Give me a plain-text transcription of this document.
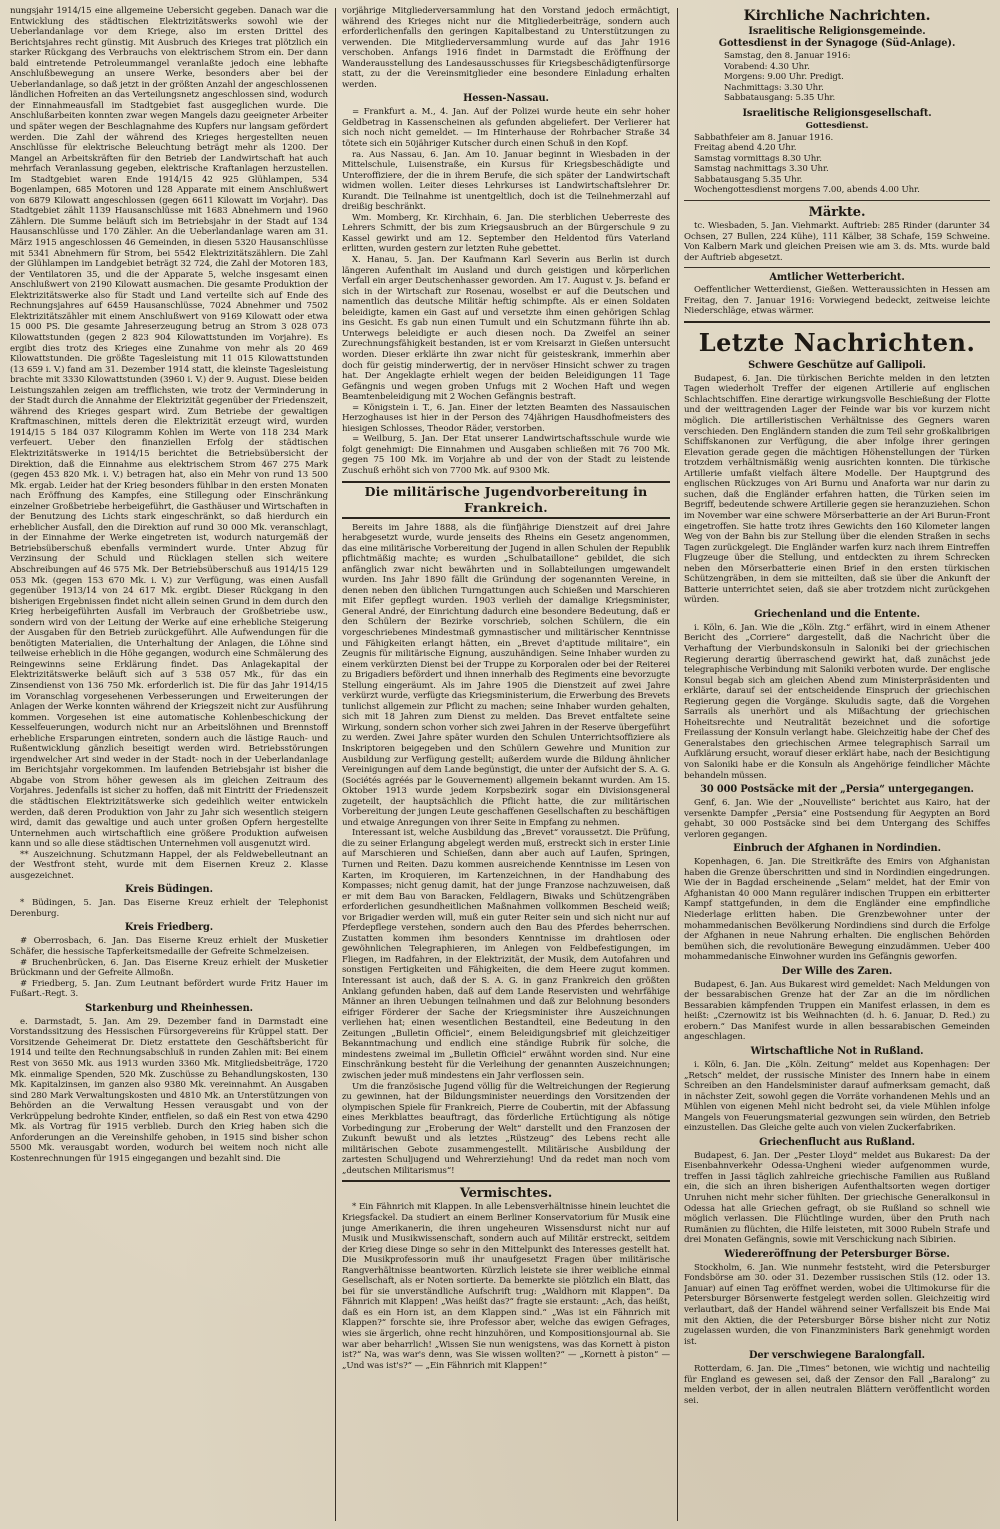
nungsjahr 1914/15 eine allgemeine Uebersicht gegeben. Danach war die Entwicklung des städtischen Elektrizitätswerks sowohl wie der Ueberlandanlage vor dem Kriege, also im ersten Drittel des Berichtsjahres recht günstig. Mit Ausbruch des Krieges trat plötzlich ein starker Rückgang des Verbrauchs von elektrischem Strom ein. Der dann bald eintretende Petroleummangel veranlaßte jedoch eine lebhafte Anschlußbewegung an unsere Werke, besonders aber bei der Ueberlandanlage, so daß jetzt in der größten Anzahl der angeschlossenen ländlichen Hofreiten an das Verteilungsnetz angeschlossen sind, wodurch der Einnahmeausfall im Stadtgebiet fast ausgeglichen wurde. Die Anschlußarbeiten konnten zwar wegen Mangels dazu geeigneter Arbeiter und später wegen der Beschlagnahme des Kupfers nur langsam gefördert werden. Die Zahl der während des Krieges hergestellten neuen Anschlüsse für elektrische Beleuchtung beträgt mehr als 1200. Der Mangel an Arbeitskräften für den Betrieb der Landwirtschaft hat auch mehrfach Veranlassung gegeben, elektrische Kraftanlagen herzustellen. Im Stadtgebiet waren Ende 1914/15 42 925 Glühlampen, 534 Bogenlampen, 685 Motoren und 128 Apparate mit einem Anschlußwert von 6879 Kilowatt angeschlossen (gegen 6611 Kilowatt im Vorjahr). Das Stadtgebiet zählt 1139 Hausanschlüsse mit 1683 Abnehmern und 1960 Zählern. Die Summe beläuft sich im Betriebsjahr in der Stadt auf 134 Hausanschlüsse und 170 Zähler. An die Ueberlandanlage waren am 31. März 1915 angeschlossen 46 Gemeinden, in diesen 5320 Hausanschlüsse mit 5341 Abnehmern für Strom, bei 5542 Elektrizitätszählern. Die Zahl der Glühlampen im Landgebiet beträgt 32 724, die Zahl der Motoren 183, der Ventilatoren 35, und die der Apparate 5, welche insgesamt einen Anschlußwert von 2190 Kilowatt ausmachen. Die gesamte Produktion der Elektrizitätswerke also für Stadt und Land verteilte sich auf Ende des Rechnungsjahres auf 6459 Hausanschlüsse, 7024 Abnehmer und 7502 Elektrizitätszähler mit einem Anschlußwert von 9169 Kilowatt oder etwa 15 000 PS. Die gesamte Jahreserzeugung betrug an Strom 3 028 073 Kilowattstunden (gegen 2 823 904 Kilowattstunden im Vorjahre). Es ergibt dies trotz des Krieges eine Zunahme von mehr als 20 469 Kilowattstunden. Die größte Tagesleistung mit 11 015 Kilowattstunden (13 659 i. V.) fand am 31. Dezember 1914 statt, die kleinste Tagesleistung brachte mit 3330 Kilowattstunden (3960 i. V.) der 9. August. Diese beiden Leistungszahlen zeigen am trefflichsten, wie trotz der Verminderung in der Stadt durch die Annahme der Elektrizität gegenüber der Friedenszeit, während des Krieges gespart wird. Zum Betriebe der gewaltigen Kraftmaschinen, mittels deren die Elektrizität erzeugt wird, wurden 1914/15 5 184 037 Kilogramm Kohlen im Werte von 118 234 Mark verfeuert. Ueber den finanziellen Erfolg der städtischen Elektrizitätswerke in 1914/15 berichtet die Betriebsübersicht der Direktion, daß die Einnahme aus elektrischem Strom 467 275 Mark (gegen 453 820 Mk. i. V.) betragen hat, also ein Mehr von rund 13 500 Mk. ergab. Leider hat der Krieg besonders fühlbar in den ersten Monaten nach Eröffnung des Kampfes, eine Stillegung oder Einschränkung einzelner Großbetriebe herbeigeführt, die Gasthäuser und Wirtschaften in der Benutzung des Lichts stark eingeschränkt, so daß hierdurch ein erheblicher Ausfall, den die Direktion auf rund 30 000 Mk. veranschlagt, in der Einnahme der Werke eingetreten ist, wodurch naturgemäß der Betriebsüberschuß ebenfalls vermindert wurde. Unter Abzug für Verzinsung der Schuld und Rücklagen stellen sich weitere Abschreibungen auf 46 575 Mk. Der Betriebsüberschuß aus 1914/15 129 053 Mk. (gegen 153 670 Mk. i. V.) zur Verfügung, was einen Ausfall gegenüber 1913/14 von 24 617 Mk. ergibt. Dieser Rückgang in den bisherigen Ergebnissen findet nicht allein seinen Grund in dem durch den Krieg herbeigeführten Ausfall im Verbrauch der Großbetriebe usw., sondern wird von der Leitung der Werke auf eine erhebliche Steigerung der Ausgaben für den Betrieb zurückgeführt. Alle Aufwendungen für die benötigten Materialien, die Unterhaltung der Anlagen, die Löhne sind teilweise erheblich in die Höhe gegangen, wodurch eine Schmälerung des Reingewinns seine Erklärung findet. Das Anlagekapital der Elektrizitätswerke beläuft sich auf 3 538 057 Mk., für das ein Zinsendienst von 136 750 Mk. erforderlich ist. Die für das Jahr 1914/15 im Voranschlag vorgesehenen Verbesserungen und Erweiterungen der Anlagen der Werke konnten während der Kriegszeit nicht zur Ausführung kommen. Vorgesehen ist eine automatische Kohlenbeschickung der Kesselfeuerungen, wodurch nicht nur an Arbeitslöhnen und Brennstoff erhebliche Ersparungen eintreten, sondern auch die lästige Rauch- und Rußentwicklung gänzlich beseitigt werden wird. Betriebsstörungen irgendwelcher Art sind weder in der Stadt- noch in der Ueberlandanlage im Berichtsjahr vorgekommen. Im laufenden Betriebsjahr ist bisher die Abgabe von Strom höher gewesen als im gleichen Zeitraum des Vorjahres. Jedenfalls ist sicher zu hoffen, daß mit Eintritt der Friedenszeit die städtischen Elektrizitätswerke sich gedeihlich weiter entwickeln werden, daß deren Produktion von Jahr zu Jahr sich wesentlich steigern wird, damit das gewaltige und auch unter großen Opfern hergestellte Unternehmen auch wirtschaftlich eine größere Produktion aufweisen kann und so alle diese städtischen Unternehmen voll ausgenutzt wird.

** Auszeichnung. Schutzmann Happel, der als Feldwebelleutnant an der Westfront steht, wurde mit dem Eisernen Kreuz 2. Klasse ausgezeichnet.

Kreis Büdingen.

* Büdingen, 5. Jan. Das Eiserne Kreuz erhielt der Telephonist Derenburg.

Kreis Friedberg.

# Oberrosbach, 6. Jan. Das Eiserne Kreuz erhielt der Musketier Schäfer, die hessische Tapferkeitsmedaille der Gefreite Schmelzeisen.

# Bruchenbrücken, 6. Jan. Das Eiserne Kreuz erhielt der Musketier Brückmann und der Gefreite Allmoßn.

# Friedberg, 5. Jan. Zum Leutnant befördert wurde Fritz Hauer im Fußart.-Regt. 3.

Starkenburg und Rheinhessen.

e. Darmstadt, 5. Jan. Am 29. Dezember fand in Darmstadt eine Vorstandssitzung des Hessischen Fürsorgevereins für Krüppel statt. Der Vorsitzende Geheimerat Dr. Dietz erstattete den Geschäftsbericht für 1914 und teilte den Rechnungsabschluß in runden Zahlen mit: Bei einem Rest von 3650 Mk. aus 1913 wurden 3360 Mk. Mitgliedsbeiträge, 1720 Mk. einmalige Spenden, 520 Mk. Zuschüsse zu Behandlungskosten, 130 Mk. Kapitalzinsen, im ganzen also 9380 Mk. vereinnahmt. An Ausgaben sind 280 Mark Verwaltungskosten und 4810 Mk. an Unterstützungen von Behörden an die Verwaltung Hessen verausgabt und von der Verkrüppelung bedrohte Kinder, entfielen, so daß ein Rest von etwa 4290 Mk. als Vortrag für 1915 verblieb. Durch den Krieg haben sich die Anforderungen an die Vereinshilfe gehoben, in 1915 sind bisher schon 5500 Mk. verausgabt worden, wodurch bei weitem noch nicht alle Kostenrechnungen für 1915 eingegangen und bezahlt sind. Die

vorjährige Mitgliederversammlung hat den Vorstand jedoch ermächtigt, während des Krieges nicht nur die Mitgliederbeiträge, sondern auch erforderlichenfalls den geringen Kapitalbestand zu Unterstützungen zu verwenden. Die Mitgliederversammlung wurde auf das Jahr 1916 verschoben. Anfangs 1916 findet in Darmstadt die Eröffnung der Wanderausstellung des Landesausschusses für Kriegsbeschädigtenfürsorge statt, zu der die Vereinsmitglieder eine besondere Einladung erhalten werden.

Hessen-Nassau.

= Frankfurt a. M., 4. Jan. Auf der Polizei wurde heute ein sehr hoher Geldbetrag in Kassenscheinen als gefunden abgeliefert. Der Verlierer hat sich noch nicht gemeldet. — Im Hinterhause der Rohrbacher Straße 34 tötete sich ein 50jähriger Kutscher durch einen Schuß in den Kopf.

ra. Aus Nassau, 6. Jan. Am 10. Januar beginnt in Wiesbaden in der Mittelschule, Luisenstraße, ein Kursus für Kriegsbeschädigte und Unteroffiziere, der die in ihrem Berufe, die sich später der Landwirtschaft widmen wollen. Leiter dieses Lehrkurses ist Landwirtschaftslehrer Dr. Kurandt. Die Teilnahme ist unentgeltlich, doch ist die Teilnehmerzahl auf dreißig beschränkt.

Wm. Momberg, Kr. Kirchhain, 6. Jan. Die sterblichen Ueberreste des Lehrers Schmitt, der bis zum Kriegsausbruch an der Bürgerschule 9 zu Kassel gewirkt und am 12. September den Heldentod fürs Vaterland erlitten, wurden gestern zur letzten Ruhe gebettet.

X. Hanau, 5. Jan. Der Kaufmann Karl Severin aus Berlin ist durch längeren Aufenthalt im Ausland und durch geistigen und körperlichen Verfall ein arger Deutschenhasser geworden. Am 17. August v. Js. befand er sich in der Wirtschaft zur Rosenau, woselbst er auf die Deutschen und namentlich das deutsche Militär heftig schimpfte. Als er einen Soldaten beleidigte, kamen ein Gast auf und versetzte ihm einen gehörigen Schlag ins Gesicht. Es gab nun einen Tumult und ein Schutzmann führte ihn ab. Unterwegs beleidigte er auch diesen noch. Da Zweifel an seiner Zurechnungsfähigkeit bestanden, ist er vom Kreisarzt in Gießen untersucht worden. Dieser erklärte ihn zwar nicht für geisteskrank, immerhin aber doch für geistig minderwertig, der in nervöser Hinsicht schwer zu tragen hat. Der Angeklagte erhielt wegen der beiden Beleidigungen 11 Tage Gefängnis und wegen groben Unfugs mit 2 Wochen Haft und wegen Beamtenbeleidigung mit 2 Wochen Gefängnis bestraft.

= Königstein i. T., 6. Jan. Einer der letzten Beamten des Nassauischen Herzoghauses ist hier in der Person des 74jährigen Hausdhofmeisters des hiesigen Schlosses, Theodor Räder, verstorben.

= Weilburg, 5. Jan. Der Etat unserer Landwirtschaftsschule wurde wie folgt genehmigt: Die Einnahmen und Ausgaben schließen mit 76 700 Mk. gegen 75 100 Mk. im Vorjahre ab und der von der Stadt zu leistende Zuschuß erhöht sich von 7700 Mk. auf 9300 Mk.

Die militärische Jugendvorbereitung in Frankreich.

Bereits im Jahre 1888, als die fünfjährige Dienstzeit auf drei Jahre herabgesetzt wurde, wurde jenseits des Rheins ein Gesetz angenommen, das eine militärische Vorbereitung der Jugend in allen Schulen der Republik pflichtmäßig machte; es wurden „Schulbataillone“ gebildet, die sich anfänglich zwar nicht bewährten und in Sollabteilungen umgewandelt wurden. Ins Jahr 1890 fällt die Gründung der sogenannten Vereine, in denen neben den üblichen Turngattungen auch Schießen und Marschieren mit Eifer gepflegt wurden. 1903 verlieh der damalige Kriegsminister, General André, der Einrichtung dadurch eine besondere Bedeutung, daß er den Schülern der Bezirke vorschrieb, solchen Schülern, die ein vorgeschriebenes Mindestmaß gymnastischer und militärischer Kenntnisse und Fähigkeiten erlangt hätten, ein „Brevet d'aptitude militaire“, ein Zeugnis für militärische Eignung, auszuhändigen. Seine Inhaber wurden zu einem verkürzten Dienst bei der Truppe zu Korporalen oder bei der Reiterei zu Brigadiers befördert und ihnen innerhalb des Regiments eine bevorzugte Stellung eingeräumt. Als im Jahre 1905 die Dienstzeit auf zwei Jahre verkürzt wurde, verfügte das Kriegsministerium, die Erwerbung des Brevets tunlichst allgemein zur Pflicht zu machen; seine Inhaber wurden gehalten, sich mit 18 Jahren zum Dienst zu melden. Das Brevet entfaltete seine Wirkung, sondern schon vorher sich zwei Jahren in der Reserve übergeführt zu werden. Zwei Jahre später wurden den Schulen Unterrichtsoffiziere als Inskriptoren beigegeben und den Schülern Gewehre und Munition zur Ausbildung zur Verfügung gestellt; außerdem wurde die Bildung ähnlicher Vereinigungen auf dem Lande begünstigt, die unter der Aufsicht der S. A. G. (Sociétés agréés par le Gouvernement) allgemein bekannt wurden. Am 15. Oktober 1913 wurde jedem Korpsbezirk sogar ein Divisionsgeneral zugeteilt, der hauptsächlich die Pflicht hatte, die zur militärischen Vorbereitung der jungen Leute geschaffenen Gesellschaften zu beschäftigen und etwaige Anregungen von ihrer Seite in Empfang zu nehmen.

Interessant ist, welche Ausbildung das „Brevet“ voraussetzt. Die Prüfung, die zu seiner Erlangung abgelegt werden muß, erstreckt sich in erster Linie auf Marschieren und Schießen, dann aber auch auf Laufen, Springen, Turnen und Reiten. Dazu kommen ausreichende Kenntnisse im Lesen von Karten, im Kroquieren, im Kartenzeichnen, in der Handhabung des Kompasses; nicht genug damit, hat der junge Franzose nachzuweisen, daß er mit dem Bau von Baracken, Feldlagern, Biwaks und Schützengräben erforderlichen gesundheitlichen Maßnahmen vollkommen Bescheid weiß; vor Brigadier werden will, muß ein guter Reiter sein und sich nicht nur auf Pferdepflege verstehen, sondern auch den Bau des Pferdes beherrschen. Zustatten kommen ihm besonders Kenntnisse im drahtlosen oder gewöhnlichen Telegraphieren, im Anlegen von Feldbefestigungen, im Fliegen, im Radfahren, in der Elektrizität, der Musik, dem Autofahren und sonstigen Fertigkeiten und Fähigkeiten, die dem Heere zugut kommen. Interessant ist auch, daß der S. A. G. in ganz Frankreich den größten Anklang gefunden haben, daß auf dem Lande Reservisten und wehrfähige Männer an ihren Uebungen teilnahmen und daß zur Belohnung besonders eifriger Förderer der Sache der Kriegsminister ihre Auszeichnungen verliehen hat; einen wesentlichen Bestandteil, eine Bedeutung in den Zeitungen „Bulletin Officiel“, einem Beleidigungsbrief mit gleichzeitiger Bekanntmachung und endlich eine ständige Rubrik für solche, die mindestens zweimal im „Bulletin Officiel“ erwähnt worden sind. Nur eine Einschränkung besteht für die Verleihung der genannten Auszeichnungen; zwischen jeder muß mindestens ein Jahr verflossen sein.

Um die französische Jugend völlig für die Weltreichungen der Regierung zu gewinnen, hat der Bildungsminister neuerdings den Vorsitzenden der olympischen Spiele für Frankreich, Pierre de Coubertin, mit der Abfassung eines Merkblattes beauftragt, das förderliche Ertüchtigung als nötige Vorbedingung zur „Eroberung der Welt“ darstellt und den Franzosen der Zukunft bewußt und als letztes „Rüstzeug“ des Lebens recht alle militärischen Gebote zusammengestellt. Militärische Ausbildung der zartesten Schuljugend und Wehrerziehung! Und da redet man noch vom „deutschen Militarismus“!

Vermischtes.

* Ein Fähnrich mit Klappen. In alle Lebensverhältnisse hinein leuchtet die Kriegsfackel. Da studiert an einem Berliner Konservatorium für Musik eine junge Amerikanerin, die ihren ungeheuren Wissensdurst nicht nur auf Musik und Musikwissenschaft, sondern auch auf Militär erstreckt, seitdem der Krieg diese Dinge so sehr in den Mittelpunkt des Interesses gestellt hat. Die Musikprofessorin muß ihr unaufgesetzt Fragen über militärische Rangverhältnisse beantworten. Kürzlich leistete sie ihrer weibliche einmal Gesellschaft, als er Noten sortierte. Da bemerkte sie plötzlich ein Blatt, das bei für sie unverständliche Aufschrift trug: „Waldhorn mit Klappen“. Da Fähnrich mit Klappen! „Was heißt das?“ fragte sie erstaunt: „Ach, das heißt, daß es ein Horn ist, an dem Klappen sind.“ „Was ist ein Fähnrich mit Klappen?“ forschte sie, ihre Professor aber, welche das ewigen Gefrages, wies sie ärgerlich, ohne recht hinzuhören, und Kompositionsjournal ab. Sie war aber beharrlich! „Wissen Sie nun wenigstens, was das Kornett à piston ist?“ Na, was war's denn, was Sie wissen wollten?“ — „Kornett à piston“ — „Und was ist's?“ — „Ein Fähnrich mit Klappen!“

Kirchliche Nachrichten.
Israelitische Religionsgemeinde.
Gottesdienst in der Synagoge (Süd-Anlage).
Samstag, den 8. Januar 1916:
Vorabend: 4.30 Uhr.
Morgens: 9.00 Uhr. Predigt.
Nachmittags: 3.30 Uhr.
Sabbatausgang: 5.35 Uhr.
Israelitische Religionsgesellschaft.
Gottesdienst.
Sabbathfeier am 8. Januar 1916.
Freitag abend 4.20 Uhr.
Samstag vormittags 8.30 Uhr.
Samstag nachmittags 3.30 Uhr.
Sabbatausgang 5.35 Uhr.
Wochengottesdienst morgens 7.00, abends 4.00 Uhr.
Märkte.

tc. Wiesbaden, 5. Jan. Viehmarkt. Auftrieb: 285 Rinder (darunter 34 Ochsen, 27 Bullen, 224 Kühe), 111 Kälber, 38 Schafe, 159 Schweine. Von Kalbern Mark und gleichen Preisen wie am 3. ds. Mts. wurde bald der Auftrieb abgesetzt.

Amtlicher Wetterbericht.

Oeffentlicher Wetterdienst, Gießen. Wetteraussichten in Hessen am Freitag, den 7. Januar 1916: Vorwiegend bedeckt, zeitweise leichte Niederschläge, etwas wärmer.

Letzte Nachrichten.
Schwere Geschütze auf Gallipoli.

Budapest, 6. Jan. Die türkischen Berichte melden in den letzten Tagen wiederholt Treffer der eigenen Artillerie auf englischen Schlachtschiffen. Eine derartige wirkungsvolle Beschießung der Flotte und der weittragenden Lager der Feinde war bis vor kurzem nicht möglich. Die artilleristischen Verhältnisse des Gegners waren verschieden. Den Engländern standen die zum Teil sehr großkalibrigen Schiffskanonen zur Verfügung, die aber infolge ihrer geringen Elevation gerade gegen die mächtigen Höhenstellungen der Türken trotzdem verhältnismäßig wenig ausrichten konnten. Die türkische Artillerie umfaßt vielfach ältere Modelle. Der Hauptgrund des englischen Rückzuges von Ari Burnu und Anaforta war nur darin zu suchen, daß die Engländer erfahren hatten, die Türken seien im Begriff, bedeutende schwere Artillerie gegen sie heranzuziehen. Schon im November war eine schwere Mörserbatterie an der Ari Burun-Front eingetroffen. Sie hatte trotz ihres Gewichts den 160 Kilometer langen Weg von der Bahn bis zur Stellung über die elenden Straßen in sechs Tagen zurückgelegt. Die Engländer warfen kurz nach ihrem Eintreffen Flugzeuge über die Stellung, und entdeckten zu ihrem Schrecken neben den Mörserbatterie einen Brief in den ersten türkischen Schützengräben, in dem sie mitteilten, daß sie über die Ankunft der Batterie unterrichtet seien, daß sie aber trotzdem nicht zurückgehen würden.

Griechenland und die Entente.

i. Köln, 6. Jan. Wie die „Köln. Ztg.“ erfährt, wird in einem Athener Bericht des „Corriere“ dargestellt, daß die Nachricht über die Verhaftung der Vierbundskonsuln in Saloniki bei der griechischen Regierung derartig überraschend gewirkt hat, daß zunächst jede telegraphische Verbindung mit Saloniki verboten wurde. Der englische Konsul begab sich am gleichen Abend zum Ministerpräsidenten und erklärte, darauf sei der entscheidende Einspruch der griechischen Regierung gegen die Vorgänge. Skuludis sagte, daß die Vorgehen Sarrails als unerhört und als Mißachtung der griechischen Hoheitsrechte und Neutralität bezeichnet und die sofortige Freilassung der Konsuln verlangt habe. Gleichzeitig habe der Chef des Generalstabes den griechischen Armee telegraphisch Sarrail um Aufklärung ersucht, worauf dieser erklärt habe, nach der Besichtigung von Saloniki habe er die Konsuln als Angehörige feindlicher Mächte behandeln müssen.

30 000 Postsäcke mit der „Persia“ untergegangen.

Genf, 6. Jan. Wie der „Nouvelliste“ berichtet aus Kairo, hat der versenkte Dampfer „Persia“ eine Postsendung für Aegypten an Bord gehabt, 30 000 Postsäcke sind bei dem Untergang des Schiffes verloren gegangen.

Einbruch der Afghanen in Nordindien.

Kopenhagen, 6. Jan. Die Streitkräfte des Emirs von Afghanistan haben die Grenze überschritten und sind in Nordindien eingedrungen. Wie der in Bagdad erscheinende „Selam“ meldet, hat der Emir von Afghanistan 40 000 Mann regulärer indischen Truppen ein erbitterter Kampf stattgefunden, in dem die Engländer eine empfindliche Niederlage erlitten haben. Die Grenzbewohner unter der mohammedanischen Bevölkerung Nordindiens sind durch die Erfolge der Afghanen in neue Nahrung erhalten. Die englischen Behörden bemühen sich, die revolutionäre Bewegung einzudämmen. Ueber 400 mohammedanische Einwohner wurden ins Gefängnis geworfen.

Der Wille des Zaren.

Budapest, 6. Jan. Aus Bukarest wird gemeldet: Nach Meldungen von der bessarabischen Grenze hat der Zar an die im nördlichen Bessarabien kämpfenden Truppen ein Manifest erlassen, in dem es heißt: „Czernowitz ist bis Weihnachten (d. h. 6. Januar, D. Red.) zu erobern.“ Das Manifest wurde in allen bessarabischen Gemeinden angeschlagen.

Wirtschaftliche Not in Rußland.

i. Köln, 6. Jan. Die „Köln. Zeitung“ meldet aus Kopenhagen: Der „Retsch“ meldet, der russische Minister des Innern habe in einem Schreiben an den Handelsminister darauf aufmerksam gemacht, daß in nächster Zeit, sowohl gegen die Vorräte vorhandenen Mehls und an Mühlen von eigenen Mehl nicht bedroht sei, da viele Mühlen infolge Mangels von Feuerungsmaterial gezwungen sein würden, den Betrieb einzustellen. Das Gleiche gelte auch von vielen Zuckerfabriken.

Griechenflucht aus Rußland.

Budapest, 6. Jan. Der „Pester Lloyd“ meldet aus Bukarest: Da der Eisenbahnverkehr Odessa-Ungheni wieder aufgenommen wurde, treffen in Jassi täglich zahlreiche griechische Familien aus Rußland ein, die sich an ihren bisherigen Aufenthaltsorten wegen dortiger Unruhen nicht mehr sicher fühlten. Der griechische Generalkonsul in Odessa hat alle Griechen gefragt, ob sie Rußland so schnell wie möglich verlassen. Die Flüchtlinge wurden, über den Pruth nach Rumänien zu flüchten, die Hilfe leisteten, mit 3000 Rubeln Strafe und drei Monaten Gefängnis, sowie mit Verschickung nach Sibirien.

Wiedereröffnung der Petersburger Börse.

Stockholm, 6. Jan. Wie nunmehr feststeht, wird die Petersburger Fondsbörse am 30. oder 31. Dezember russischen Stils (12. oder 13. Januar) auf einen Tag eröffnet werden, wobei die Ultimokurse für die Petersburger Börsenwerte festgelegt werden sollen. Gleichzeitig wird verlautbart, daß der Handel während seiner Verfallszeit bis Ende Mai mit den Aktien, die der Petersburger Börse bisher nicht zur Notiz zugelassen wurden, die von Finanzministers Bark genehmigt worden ist.

Der verschwiegene Baralongfall.

Rotterdam, 6. Jan. Die „Times“ betonen, wie wichtig und nachteilig für England es gewesen sei, daß der Zensor den Fall „Baralong“ zu melden verbot, der in allen neutralen Blättern veröffentlicht worden sei.
